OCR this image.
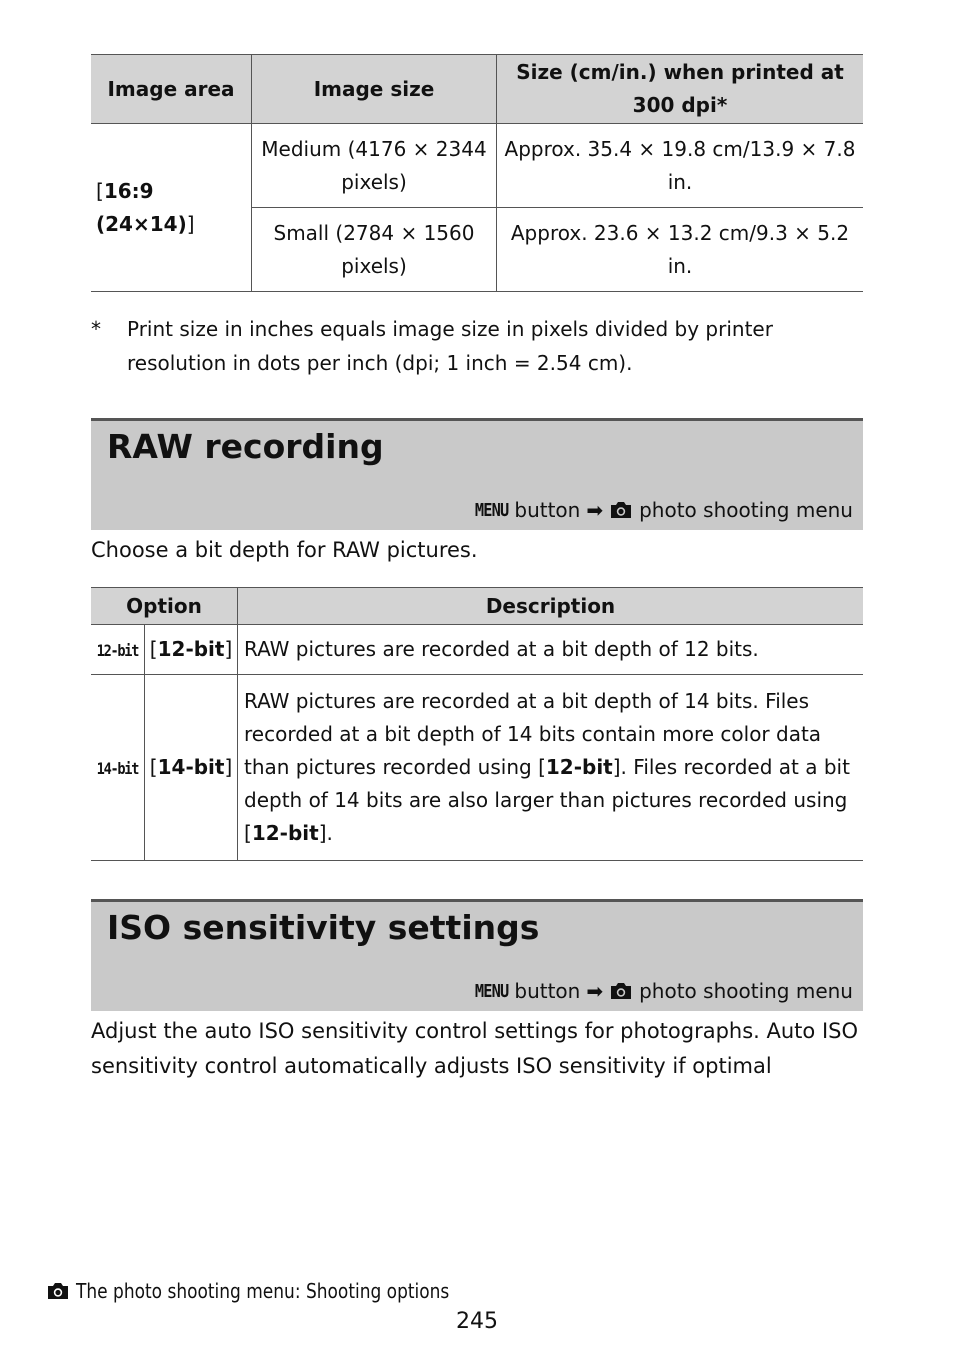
Image area	Image size	Size (cm/in.) when printed at 300 dpi*
[16:9 (24×14)]	Medium (4176 × 2344 pixels)	Approx. 35.4 × 19.8 cm/13.9 × 7.8 in.
	Small (2784 × 1560 pixels)	Approx. 23.6 × 13.2 cm/9.3 × 5.2 in.
* Print size in inches equals image size in pixels divided by printer resolution in dots per inch (dpi; 1 inch = 2.54 cm).
RAW recording
MENU button ➡ photo shooting menu
Choose a bit depth for RAW pictures.
Option		Description
12-bit	[12-bit]	RAW pictures are recorded at a bit depth of 12 bits.
14-bit	[14-bit]	RAW pictures are recorded at a bit depth of 14 bits. Files recorded at a bit depth of 14 bits contain more color data than pictures recorded using [12-bit]. Files recorded at a bit depth of 14 bits are also larger than pictures recorded using [12-bit].
ISO sensitivity settings
MENU button ➡ photo shooting menu
Adjust the auto ISO sensitivity control settings for photographs. Auto ISO sensitivity control automatically adjusts ISO sensitivity if optimal
The photo shooting menu: Shooting options
245
